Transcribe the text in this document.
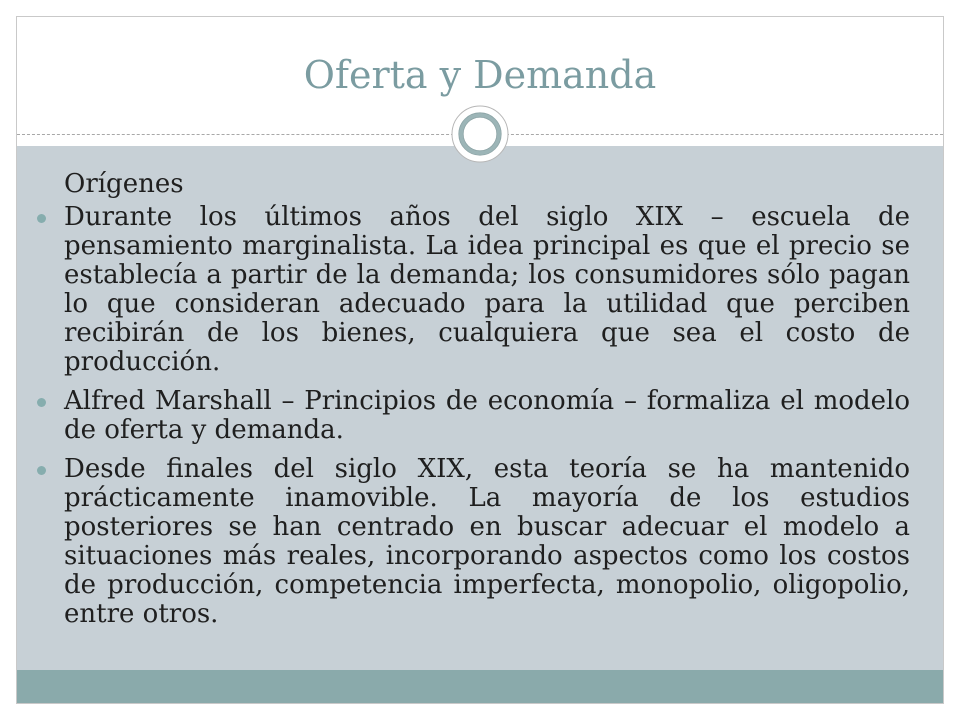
Oferta y Demanda

Orígenes

Durante los últimos años del siglo XIX – escuela de pensamiento marginalista. La idea principal es que el precio se establecía a partir de la demanda; los consumidores sólo pagan lo que consideran adecuado para la utilidad que perciben recibirán de los bienes, cualquiera que sea el costo de producción.
Alfred Marshall – Principios de economía – formaliza el modelo de oferta y demanda.
Desde finales del siglo XIX, esta teoría se ha mantenido prácticamente inamovible. La mayoría de los estudios posteriores se han centrado en buscar adecuar el modelo a situaciones más reales, incorporando aspectos como los costos de producción, competencia imperfecta, monopolio, oligopolio, entre otros.
